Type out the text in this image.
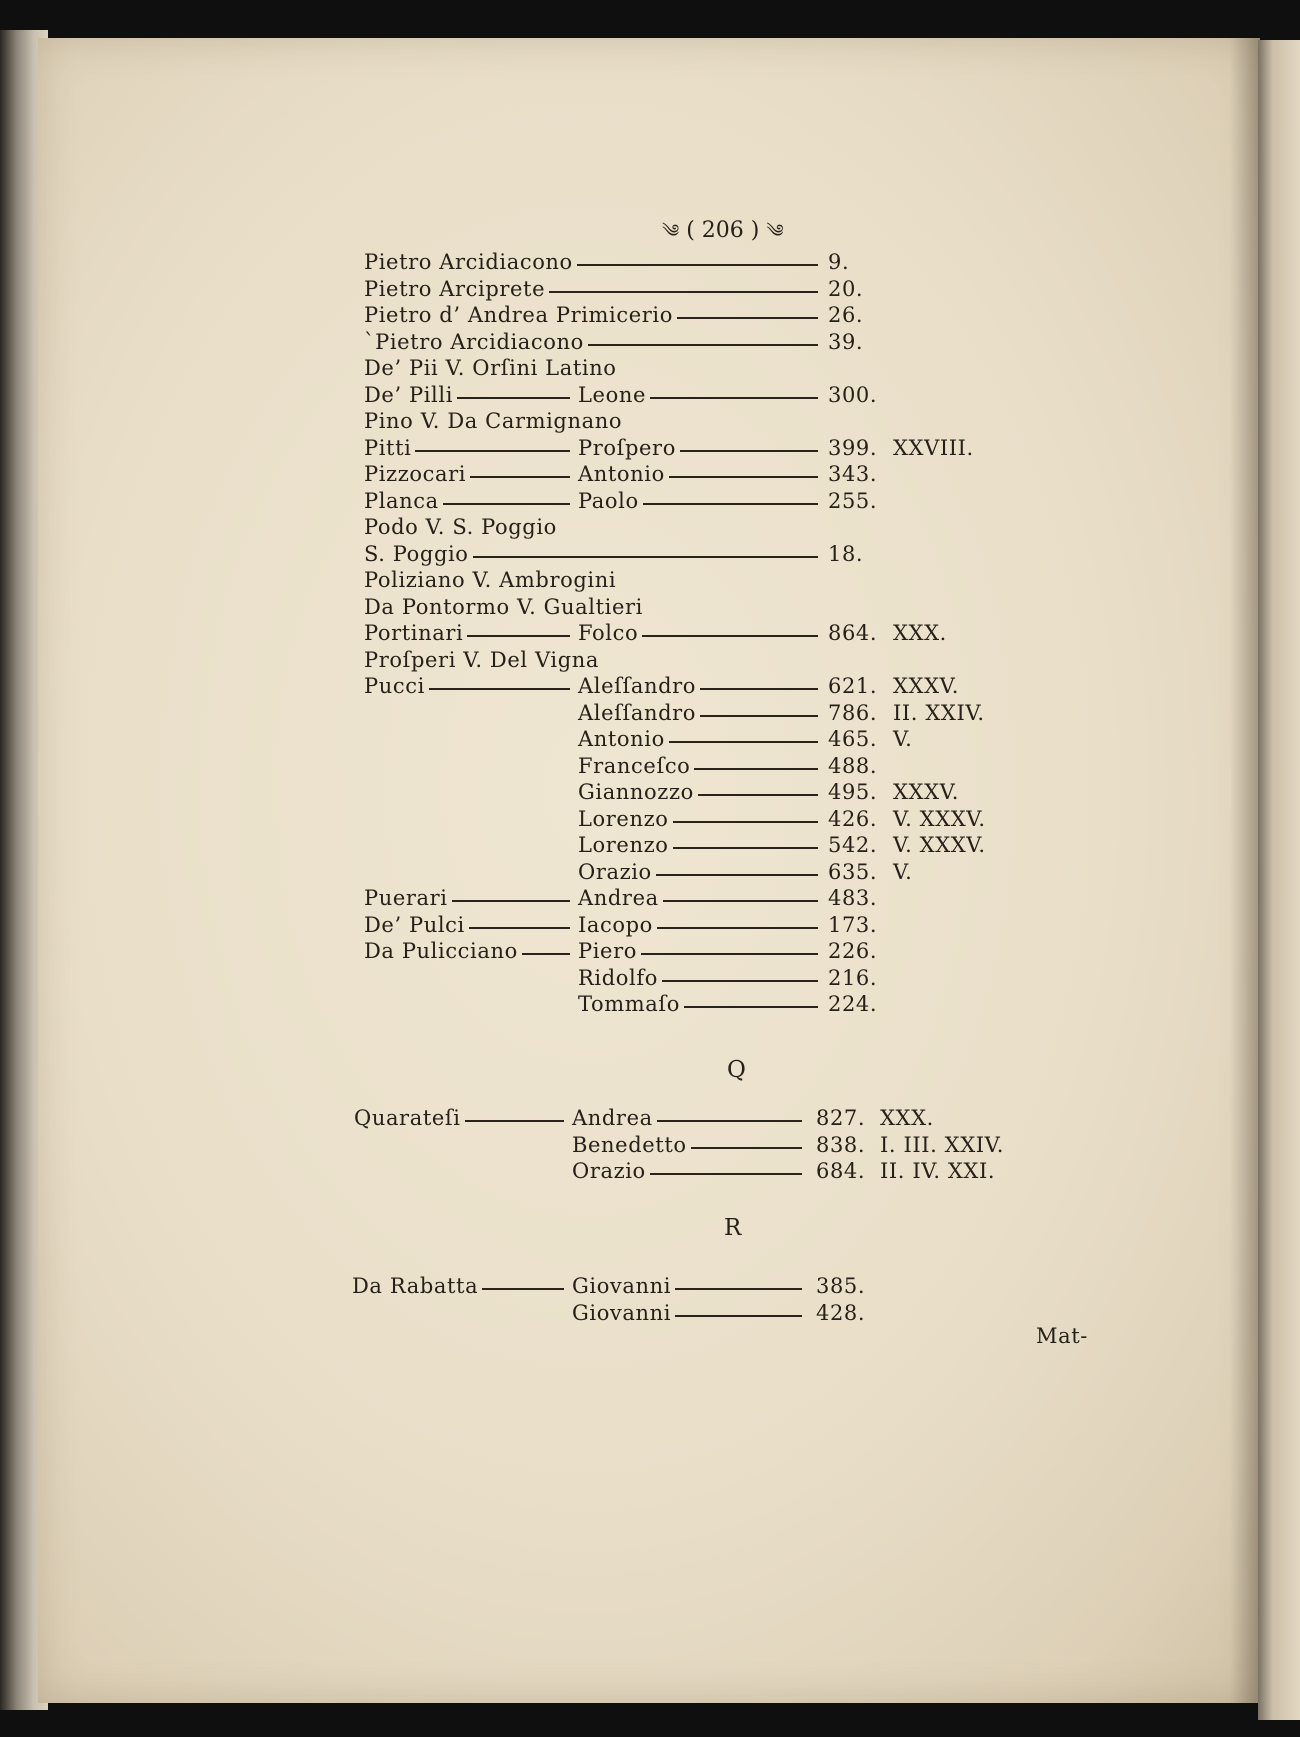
༄ ( 206 ) ༄
Pietro Arcidiacono	9.
Pietro Arciprete	20.
Pietro d’ Andrea Primicerio	26.
`Pietro Arcidiacono	39.
De’ Pii V. Orſini Latino
De’ Pilli	Leone	300.
Pino V. Da Carmignano
Pitti	Proſpero	399. XXVIII.
Pizzocari	Antonio	343.
Planca	Paolo	255.
Podo V. S. Poggio
S. Poggio	18.
Poliziano V. Ambrogini
Da Pontormo V. Gualtieri
Portinari	Folco	864. XXX.
Proſperi V. Del Vigna
Pucci	Aleſſandro	621. XXXV.
Aleſſandro	786. II. XXIV.
Antonio	465. V.
Franceſco	488.
Giannozzo	495. XXXV.
Lorenzo	426. V. XXXV.
Lorenzo	542. V. XXXV.
Orazio	635. V.
Puerari	Andrea	483.
De’ Pulci	Iacopo	173.
Da Pulicciano	Piero	226.
Ridolfo	216.
Tommaſo	224.
Quarateſi	Andrea	827. XXX.
Benedetto	838. I. III. XXIV.
Orazio	684. II. IV. XXI.
Da Rabatta	Giovanni	385.
Giovanni	428.
Q
R
Mat-
